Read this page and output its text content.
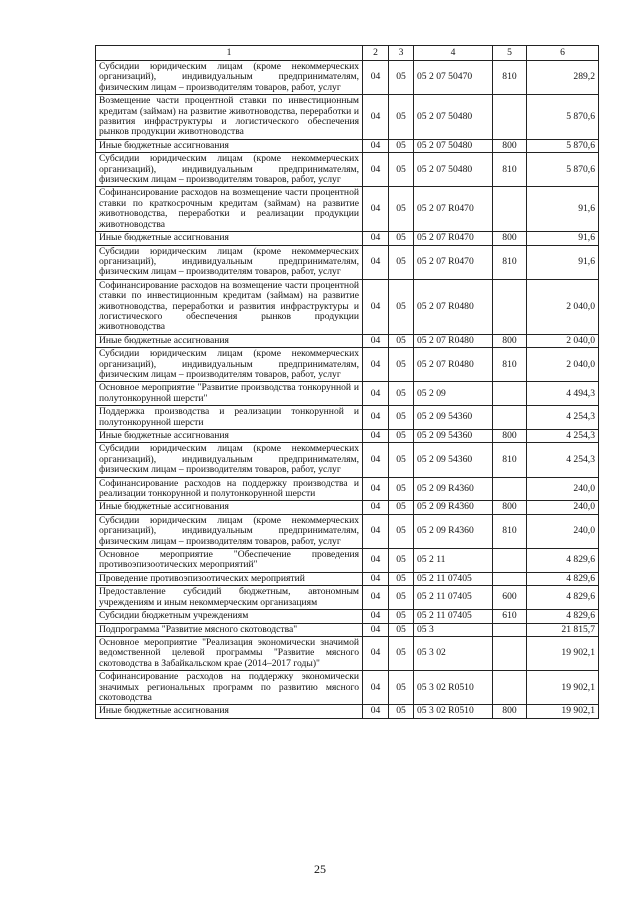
1	2	3	4	5	6
Субсидии юридическим лицам (кроме некоммерческих организаций), индивидуальным предпринимателям, физическим лицам – производителям товаров, работ, услуг	04	05	05 2 07 50470	810	289,2
Возмещение части процентной ставки по инвестиционным кредитам (займам) на развитие животноводства, переработки и развития инфраструктуры и логистического обеспечения рынков продукции животноводства	04	05	05 2 07 50480		5 870,6
Иные бюджетные ассигнования	04	05	05 2 07 50480	800	5 870,6
Субсидии юридическим лицам (кроме некоммерческих организаций), индивидуальным предпринимателям, физическим лицам – производителям товаров, работ, услуг	04	05	05 2 07 50480	810	5 870,6
Софинансирование расходов на возмещение части процентной ставки по краткосрочным кредитам (займам) на развитие животноводства, переработки и реализации продукции животноводства	04	05	05 2 07 R0470		91,6
Иные бюджетные ассигнования	04	05	05 2 07 R0470	800	91,6
Субсидии юридическим лицам (кроме некоммерческих организаций), индивидуальным предпринимателям, физическим лицам – производителям товаров, работ, услуг	04	05	05 2 07 R0470	810	91,6
Софинансирование расходов на возмещение части процентной ставки по инвестиционным кредитам (займам) на развитие животноводства, переработки и развития инфраструктуры и логистического обеспечения рынков продукции животноводства	04	05	05 2 07 R0480		2 040,0
Иные бюджетные ассигнования	04	05	05 2 07 R0480	800	2 040,0
Субсидии юридическим лицам (кроме некоммерческих организаций), индивидуальным предпринимателям, физическим лицам – производителям товаров, работ, услуг	04	05	05 2 07 R0480	810	2 040,0
Основное мероприятие "Развитие производства тонкорунной и полутонкорунной шерсти"	04	05	05 2 09		4 494,3
Поддержка производства и реализации тонкорунной и полутонкорунной шерсти	04	05	05 2 09 54360		4 254,3
Иные бюджетные ассигнования	04	05	05 2 09 54360	800	4 254,3
Субсидии юридическим лицам (кроме некоммерческих организаций), индивидуальным предпринимателям, физическим лицам – производителям товаров, работ, услуг	04	05	05 2 09 54360	810	4 254,3
Софинансирование расходов на поддержку производства и реализации тонкорунной и полутонкорунной шерсти	04	05	05 2 09 R4360		240,0
Иные бюджетные ассигнования	04	05	05 2 09 R4360	800	240,0
Субсидии юридическим лицам (кроме некоммерческих организаций), индивидуальным предпринимателям, физическим лицам – производителям товаров, работ, услуг	04	05	05 2 09 R4360	810	240,0
Основное мероприятие "Обеспечение проведения противоэпизоотических мероприятий"	04	05	05 2 11		4 829,6
Проведение противоэпизоотических мероприятий	04	05	05 2 11 07405		4 829,6
Предоставление субсидий бюджетным, автономным учреждениям и иным некоммерческим организациям	04	05	05 2 11 07405	600	4 829,6
Субсидии бюджетным учреждениям	04	05	05 2 11 07405	610	4 829,6
Подпрограмма "Развитие мясного скотоводства"	04	05	05 3		21 815,7
Основное мероприятие "Реализация экономически значимой ведомственной целевой программы "Развитие мясного скотоводства в Забайкальском крае (2014–2017 годы)"	04	05	05 3 02		19 902,1
Софинансирование расходов на поддержку экономически значимых региональных программ по развитию мясного скотоводства	04	05	05 3 02 R0510		19 902,1
Иные бюджетные ассигнования	04	05	05 3 02 R0510	800	19 902,1
25
